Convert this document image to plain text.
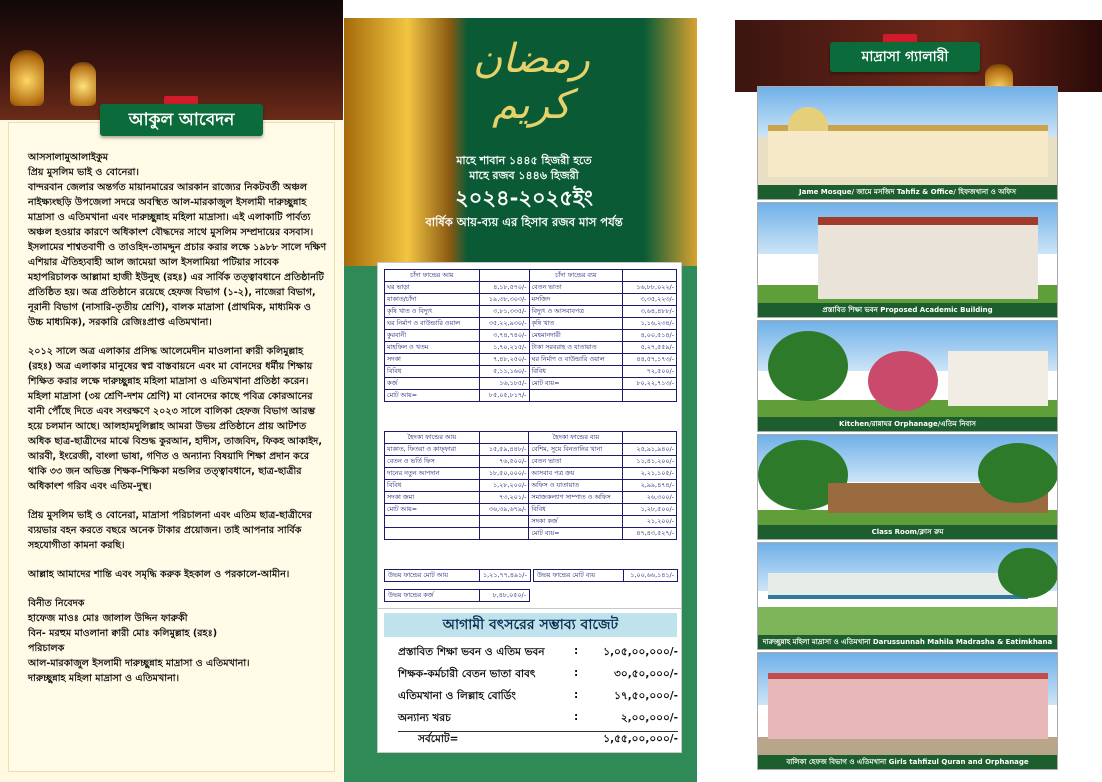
আকুল আবেদন
আসসালামুআলাইকুম
প্রিয় মুসলিম ভাই ও বোনেরা।

বান্দরবান জেলার অন্তর্গত মায়ানমারের আরকান রাজ্যের নিকটবর্তী অঞ্চল নাইক্ষ্যংছড়ি উপজেলা সদরে অবস্থিত আল-মারকাজুল ইসলামী দারুচ্ছুন্নাহ মাদ্রাসা ও এতিমখানা এবং দারুচ্ছুন্নাহ মহিলা মাদ্রাসা। এই এলাকাটি পার্বত্য অঞ্চল হওয়ার কারণে অধিকাংশ বৌদ্ধদের সাথে মুসলিম সম্প্রদায়ের বসবাস। ইসলামের শাশ্বতবাণী ও তাওহিদ-তামদ্দুন প্রচার করার লক্ষে ১৯৮৮ সালে দক্ষিণ এশিয়ার ঐতিহ্যবাহী আল জামেয়া আল ইসলামিয়া পটিয়ার সাবেক মহাপরিচালক আল্লামা হাজী ইউনুছ (রহঃ) এর সার্বিক তত্ত্বাবধানে প্রতিষ্ঠানটি প্রতিষ্ঠিত হয়। অত্র প্রতিষ্ঠানে রয়েছে হেফজ বিভাগ (১-২), নাজেরা বিভাগ, নূরানী বিভাগ (নাসারি-তৃতীয় শ্রেণি), বালক মাদ্রাসা (প্রাথমিক, মাধ্যমিক ও উচ্চ মাধ্যমিক), সরকারি রেজিঃপ্রাপ্ত এতিমখানা।

২০১২ সালে অত্র এলাকার প্রসিদ্ধ আলেমেদীন মাওলানা ক্বারী কলিমুল্লাহ (রহঃ) অত্র এলাকার মানুষের স্বপ্ন বাস্তবায়নে এবং মা বোনদের ধর্মীয় শিক্ষায় শিক্ষিত করার লক্ষে দারুচ্ছুন্নাহ মহিলা মাদ্রাসা ও এতিমখানা প্রতিষ্ঠা করেন। মহিলা মাদ্রাসা (৩য় শ্রেণি-দশম শ্রেণি) মা বোনদের কাছে পবিত্র কোরআনের বানী পৌঁছে দিতে এবং সংরক্ষণে ২০২৩ সালে বালিকা হেফজ বিভাগ আরম্ভ হয়ে চলমান আছে। আলহামদুলিল্লাহ আমরা উভয় প্রতিষ্ঠানে প্রায় আটশত অধিক ছাত্র-ছাত্রীদের মাঝে বিশুদ্ধ কুরআন, হাদীস, তাজবিদ, ফিকহ আকাইদ, আরবী, ইংরেজী, বাংলা ভাষা, গণিত ও অন্যান্য বিষয়াদি শিক্ষা প্রদান করে থাকি ৩৩ জন অভিজ্ঞ শিক্ষক-শিক্ষিকা মন্ডলির তত্ত্বাবধানে, ছাত্র-ছাত্রীর অধিকাংশ গরিব এবং এতিম-দুস্থ।

প্রিয় মুসলিম ভাই ও বোনেরা, মাদ্রাসা পরিচালনা এবং এতিম ছাত্র-ছাত্রীদের ব্যয়ভার বহন করতে বছরে অনেক টাকার প্রয়োজন। তাই আপনার সার্বিক সহযোগীতা কামনা করছি।

আল্লাহ আমাদের শান্তি এবং সমৃদ্ধি করুক ইহকাল ও পরকালে-আমীন।

বিনীত নিবেদক
হাফেজ মাওঃ মোঃ জালাল উদ্দিন ফারুকী
বিন- মরহুম মাওলানা ক্বারী মোঃ কলিমুল্লাহ (রহঃ)
পরিচালক
আল-মারকাজুল ইসলামী দারুচ্ছুন্নাহ মাদ্রাসা ও এতিমখানা।
দারুচ্ছুন্নাহ মহিলা মাদ্রাসা ও এতিমখানা।
رمضان كريم
মাহে শাবান ১৪৪৫ হিজরী হতে
মাহে রজব ১৪৪৬ হিজরী
২০২৪-২০২৫ইং
বার্ষিক আয়-ব্যয় এর হিসাব রজব মাস পর্যন্ত
চাঁদা ফান্ডের আয়		চাঁদা ফান্ডের ব্যয়	
ঘর ভাড়া	৪,১৮,৫৭০/-	বেতন ভাতা	১৬,৮৮,০২২/-
যাকাত/চাঁদা	১৯,৩৮,৩০৩/-	মসজিদ	৩,৩৫,২২৩/-
কৃষি খাত ও বিদ্যুৎ	৩,৮১,৩৩৫/-	বিদ্যুৎ ও আসবাবপত্র	৩,৬৪,৪৮৮/-
ঘর নির্মাণ ও বাউন্ডারি ওয়াল	৩৫,২২,৯৩০/-	কৃষি খাত	১,১৬,২৩৪/-
কুরবানী	৩,৭৪,৭৪০/-	মেহমানদারী	৪,০০,৫১৪/-
মাহফিল ও খতম	১,৭০,২১৫/-	টাকা সরবরাহ ও যাতায়াত	৫,২৭,৫৫৯/-
সদকা	৭,৪৮,২৫০/-	ঘর নির্মাণ ও বাউন্ডারি ওয়াল	৪৪,৫৭,১৭৩/-
বিবিধ	৫,১১,১৬০/-	বিবিধ	৭২,৫০০/-
কর্জ	১৬,১৮৫/-	মোট ব্যয়=	৮০,২২,৭১৩/-
মোট আয়=	৮৫,০৫,৮১৭/-		
হৈদকা ফান্ডের আয়		হৈদকা ফান্ডের ব্যয়	
যাকাত, ফিতরা ও কাফ্ফারা	১৫,৫৯,৪৪৮/-	বেশিম, সুয়ে বিনতানির খানা	২৫,৯১,৯৪০/-
বেতন ও ভর্তি ফিস	৭৬,৫০০/-	বেতন ভাতা	১১,৪১,২০০/-
দানের নতুন আপদান	১৮,৫০,০০০/-	আসবাব পত্র ক্রয়	২,২১,১০৫/-
বিবিধ	১,২৮,২০০/-	অফিস ও যাতায়াত	২,৯৯,৪৭৪/-
সদকা জমা	৭৩,২০১/-	সমাজকল্যাণ সাম্পাত ও অফিস	২৬,৩০০/-
মোট আয়=	৩৬,৩৯,৬৭৯/-	বিবিধ	১,২৮,৫০০/-
		সদকা কর্জ	২১,২০০/-
		মোট ব্যয়=	৪৭,৪৩,৫২৭/-
উভয় ফান্ডের মোট আয়	১,২১,৭৭,৪৯১/- উভয় ফান্ডের মোট ব্যয়	১,০০,৬৬,১৪১/-
উভয় ফান্ডের কর্জ	৮,৪৮,০৫০/-
আগামী বৎসরের সম্ভাব্য বাজেট
প্রস্তাবিত শিক্ষা ভবন ও এতিম ভবন	: ১,০৫,০০,০০০/-
শিক্ষক-কর্মচারী বেতন ভাতা বাবৎ	:	৩০,৫০,০০০/-
এতিমখানা ও লিল্লাহ বোর্ডিং	:	১৭,৫০,০০০/-
অন্যান্য খরচ	:	২,০০,০০০/-
সর্বমোট=	১,৫৫,০০,০০০/-
মাদ্রাসা গ্যালারী
Jame Mosque/ জামে মসজিদ Tahfiz & Office/ হিফজখানা ও অফিস
প্রস্তাবিত শিক্ষা ভবন Proposed Academic Building
Kitchen/রান্নাঘর Orphanage/এতিম নিবাস
Class Room/ক্লাস রুম
দারুচ্ছুন্নাহ মহিলা মাদ্রাসা ও এতিমখানা Darussunnah Mahila Madrasha & Eatimkhana
বালিকা হেফজ বিভাগ ও এতিমখানা Girls tahfizul Quran and Orphanage
